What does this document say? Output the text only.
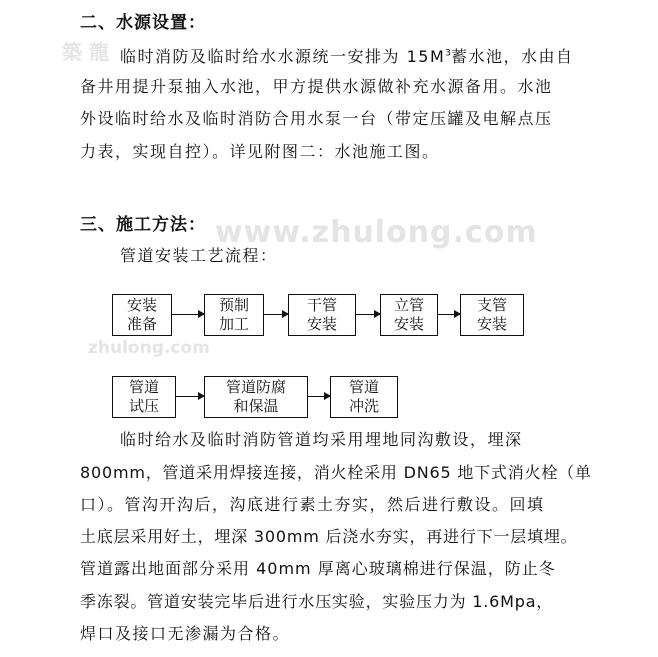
築 龍
www.zhulong.com
zhulong.com
二、水源设置：
临时消防及临时给水水源统一安排为 $15M^3$蓄水池，水由自
备井用提升泵抽入水池，甲方提供水源做补充水源备用。水池
外设临时给水及临时消防合用水泵一台（带定压罐及电解点压
力表，实现自控）。详见附图二：水池施工图。
三、施工方法：
管道安装工艺流程：
安装
准备
预制
加工
干管
安装
立管
安装
支管
安装
管道
试压
管道防腐
和保温
管道
冲洗
临时给水及临时消防管道均采用埋地同沟敷设，埋深
800mm，管道采用焊接连接，消火栓采用 DN65 地下式消火栓（单
口）。管沟开沟后，沟底进行素土夯实，然后进行敷设。回填
土底层采用好土，埋深 300mm 后浇水夯实，再进行下一层填埋。
管道露出地面部分采用 40mm 厚离心玻璃棉进行保温，防止冬
季冻裂。管道安装完毕后进行水压实验，实验压力为 1.6Mpa，
焊口及接口无渗漏为合格。
